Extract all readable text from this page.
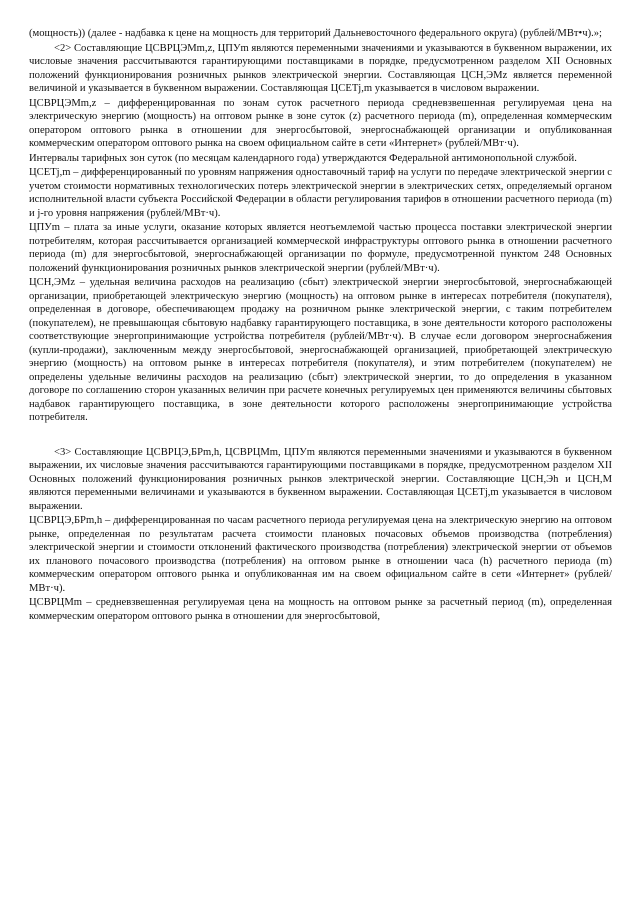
(мощность)) (далее - надбавка к цене на мощность для территорий Дальневосточного федерального округа) (рублей/МВт•ч).»;

<2> Составляющие ЦСВРЦЭМm,z, ЦПУm являются переменными значениями и указываются в буквенном выражении, их числовые значения рассчитываются гарантирующими поставщиками в порядке, предусмотренном разделом XII Основных положений функционирования розничных рынков электрической энергии. Составляющая ЦСН,ЭМz является переменной величиной и указывается в буквенном выражении. Составляющая ЦСЕТj,m указывается в числовом выражении.

ЦСВРЦЭМm,z – дифференцированная по зонам суток расчетного периода средневзвешенная регулируемая цена на электрическую энергию (мощность) на оптовом рынке в зоне суток (z) расчетного периода (m), определенная коммерческим оператором оптового рынка в отношении для энергосбытовой, энергоснабжающей организации и опубликованная коммерческим оператором оптового рынка на своем официальном сайте в сети «Интернет» (рублей/МВт·ч).

Интервалы тарифных зон суток (по месяцам календарного года) утверждаются Федеральной антимонопольной службой.

ЦСЕТj,m – дифференцированный по уровням напряжения одноставочный тариф на услуги по передаче электрической энергии с учетом стоимости нормативных технологических потерь электрической энергии в электрических сетях, определяемый органом исполнительной власти субъекта Российской Федерации в области регулирования тарифов в отношении расчетного периода (m) и j-го уровня напряжения (рублей/МВт·ч).

ЦПУm – плата за иные услуги, оказание которых является неотъемлемой частью процесса поставки электрической энергии потребителям, которая рассчитывается организацией коммерческой инфраструктуры оптового рынка в отношении расчетного периода (m) для энергосбытовой, энергоснабжающей организации по формуле, предусмотренной пунктом 248 Основных положений функционирования розничных рынков электрической энергии (рублей/МВт·ч).

ЦСН,ЭМz – удельная величина расходов на реализацию (сбыт) электрической энергии энергосбытовой, энергоснабжающей организации, приобретающей электрическую энергию (мощность) на оптовом рынке в интересах потребителя (покупателя), определенная в договоре, обеспечивающем продажу на розничном рынке электрической энергии, с таким потребителем (покупателем), не превышающая сбытовую надбавку гарантирующего поставщика, в зоне деятельности которого расположены соответствующие энергопринимающие устройства потребителя (рублей/МВт·ч). В случае если договором энергоснабжения (купли-продажи), заключенным между энергосбытовой, энергоснабжающей организацией, приобретающей электрическую энергию (мощность) на оптовом рынке в интересах потребителя (покупателя), и этим потребителем (покупателем) не определены удельные величины расходов на реализацию (сбыт) электрической энергии, то до определения в указанном договоре по соглашению сторон указанных величин при расчете конечных регулируемых цен применяются величины сбытовых надбавок гарантирующего поставщика, в зоне деятельности которого расположены энергопринимающие устройства потребителя.

<3> Составляющие ЦСВРЦЭ,БРm,h, ЦСВРЦМm, ЦПУm являются переменными значениями и указываются в буквенном выражении, их числовые значения рассчитываются гарантирующими поставщиками в порядке, предусмотренном разделом XII Основных положений функционирования розничных рынков электрической энергии. Составляющие ЦСН,Эh и ЦСН,М являются переменными величинами и указываются в буквенном выражении. Составляющая ЦСЕТj,m указывается в числовом выражении.

ЦСВРЦЭ,БРm,h – дифференцированная по часам расчетного периода регулируемая цена на электрическую энергию на оптовом рынке, определенная по результатам расчета стоимости плановых почасовых объемов производства (потребления) электрической энергии и стоимости отклонений фактического производства (потребления) электрической энергии от объемов их планового почасового производства (потребления) на оптовом рынке в отношении часа (h) расчетного периода (m) коммерческим оператором оптового рынка и опубликованная им на своем официальном сайте в сети «Интернет» (рублей/МВт·ч).

ЦСВРЦМm – средневзвешенная регулируемая цена на мощность на оптовом рынке за расчетный период (m), определенная коммерческим оператором оптового рынка в отношении для энергосбытовой,
